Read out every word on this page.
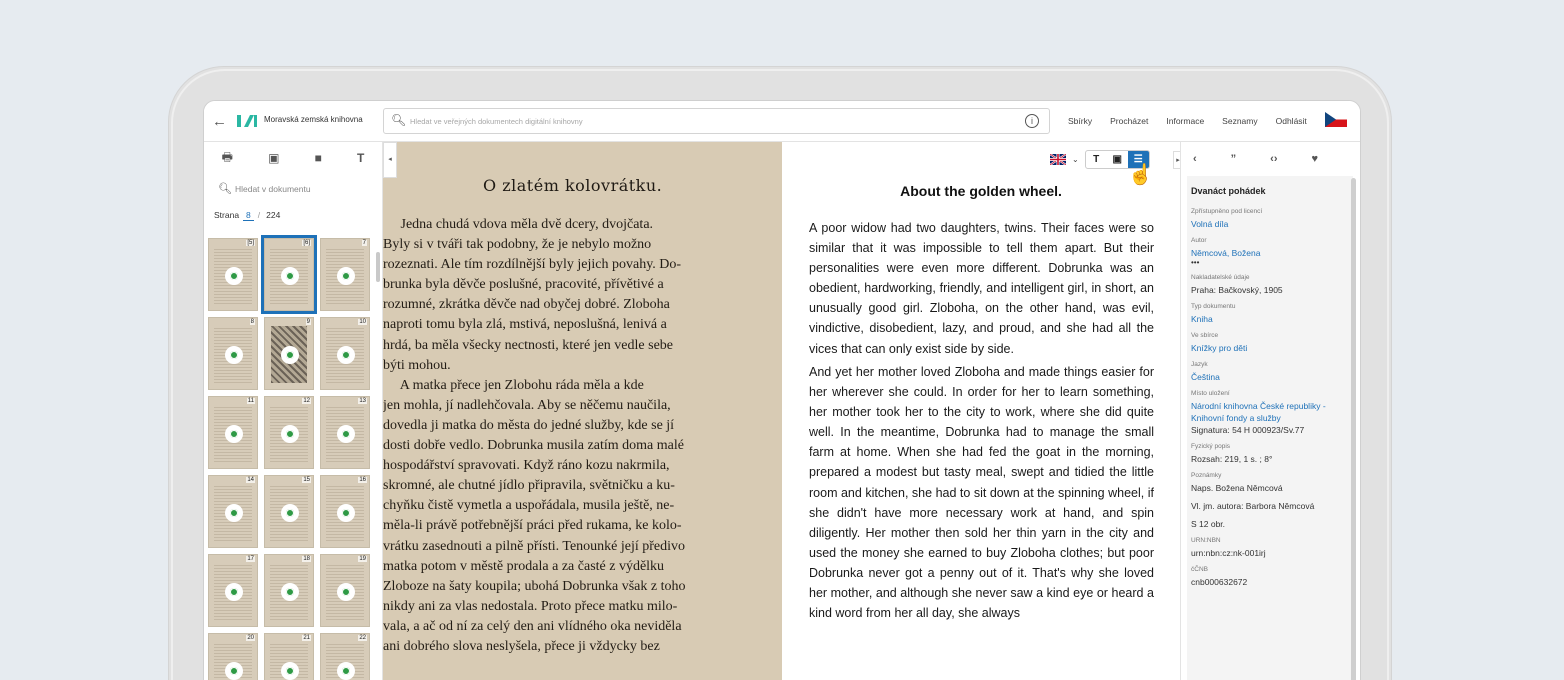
←	Moravská zemská knihovna 🔍︎ Hledat ve veřejných dokumentech digitální knihovny	i	Sbírky Procházet Informace Seznamy Odhlásit
🖶︎	▣	■	T
🔍︎ Hledat v dokumentu
Strana 8 / 224
[5]	[6]	7
8	9	10
11	12	13
14	15	16
17	18	19
20	21	22
O zlatém kolovrátku.
Jedna chudá vdova měla dvě dcery, dvojčata.
Byly si v tváři tak podobny, že je nebylo možno
rozeznati. Ale tím rozdílnější byly jejich povahy. Do-
brunka byla děvče poslušné, pracovité, přívětivé a
rozumné, zkrátka děvče nad obyčej dobré. Zloboha
naproti tomu byla zlá, mstivá, neposlušná, lenivá a
hrdá, ba měla všecky nectnosti, které jen vedle sebe
býti mohou.
A matka přece jen Zlobohu ráda měla a kde
jen mohla, jí nadlehčovala. Aby se něčemu naučila,
dovedla ji matka do města do jedné služby, kde se jí
dosti dobře vedlo. Dobrunka musila zatím doma malé
hospodářství spravovati. Když ráno kozu nakrmila,
skromné, ale chutné jídlo připravila, světničku a ku-
chyňku čistě vymetla a uspořádala, musila ještě, ne-
měla-li právě potřebnější práci před rukama, ke kolo-
vrátku zasednouti a pilně přísti. Tenounké její předivo
matka potom v městě prodala a za časté z výdělku
Zloboze na šaty koupila; ubohá Dobrunka však z toho
nikdy ani za vlas nedostala. Proto přece matku milo-
vala, a ač od ní za celý den ani vlídného oka neviděla
ani dobrého slova neslyšela, přece ji vždycky bez
◂	⌄	T	▣	☰
☝
About the golden wheel.

A poor widow had two daughters, twins. Their faces were so similar that it was impossible to tell them apart. But their personalities were even more different. Dobrunka was an obedient, hardworking, friendly, and intelligent girl, in short, an unusually good girl. Zloboha, on the other hand, was evil, vindictive, disobedient, lazy, and proud, and she had all the vices that can only exist side by side.

And yet her mother loved Zloboha and made things easier for her wherever she could. In order for her to learn something, her mother took her to the city to work, where she did quite well. In the meantime, Dobrunka had to manage the small farm at home. When she had fed the goat in the morning, prepared a modest but tasty meal, swept and tidied the little room and kitchen, she had to sit down at the spinning wheel, if she didn't have more necessary work at hand, and spin diligently. Her mother then sold her thin yarn in the city and used the money she earned to buy Zloboha clothes; but poor Dobrunka never got a penny out of it. That's why she loved her mother, and although she never saw a kind eye or heard a kind word from her all day, she always

▸ ‹	”	‹›	♥
Dvanáct pohádek
Zpřístupněno pod licencí
Volná díla
Autor
Němcová, Božena
•••
Nakladatelské údaje
Praha: Bačkovský, 1905
Typ dokumentu
Kniha
Ve sbírce
Knížky pro děti
Jazyk
Čeština
Místo uložení
Národní knihovna České republiky - Knihovní fondy a služby
Signatura: 54 H 000923/Sv.77
Fyzický popis
Rozsah: 219, 1 s. ; 8°
Poznámky
Naps. Božena Němcová
Vl. jm. autora: Barbora Němcová
S 12 obr.
URN:NBN
urn:nbn:cz:nk-001irj
čČNB
cnb000632672
